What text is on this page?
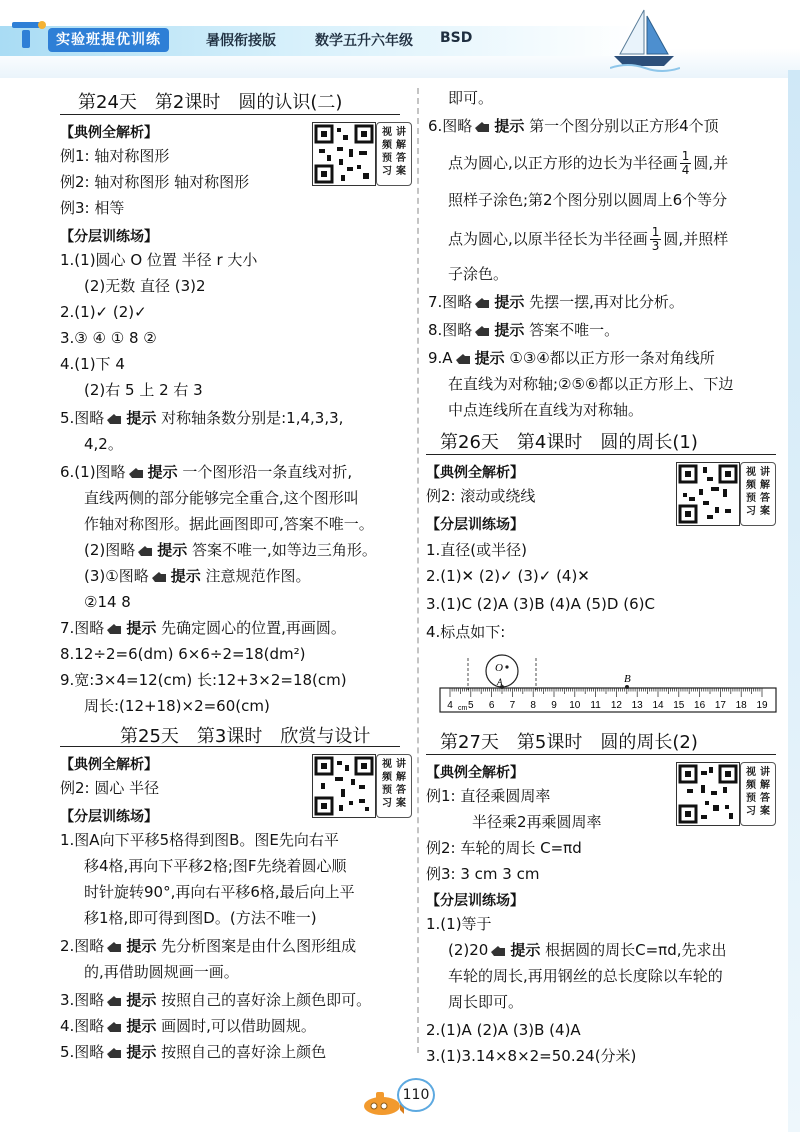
实验班提优训练	暑假衔接版	数学五升六年级 BSD
第24天 第2课时 圆的认识(二)
视频
预习
讲解
答案
【典例全解析】
例1: 轴对称图形
例2: 轴对称图形 轴对称图形
例3: 相等
【分层训练场】
1.(1)圆心 O 位置 半径 r 大小
(2)无数 直径 (3)2
2.(1)✓ (2)✓
3.③ ④ ① 8 ②
4.(1)下 4
(2)右 5 上 2 右 3
5.图略 提示 对称轴条数分别是:1,4,3,3,
4,2。
6.(1)图略 提示 一个图形沿一条直线对折,
直线两侧的部分能够完全重合,这个图形叫
作轴对称图形。据此画图即可,答案不唯一。
(2)图略 提示 答案不唯一,如等边三角形。
(3)①图略 提示 注意规范作图。
②14 8
7.图略 提示 先确定圆心的位置,再画圆。
8.12÷2=6(dm) 6×6÷2=18(dm²)
9.宽:3×4=12(cm) 长:12+3×2=18(cm)
周长:(12+18)×2=60(cm)
第25天 第3课时 欣赏与设计
视频
预习
讲解
答案
【典例全解析】
例2: 圆心 半径
【分层训练场】
1.图A向下平移5格得到图B。图E先向右平
移4格,再向下平移2格;图F先绕着圆心顺
时针旋转90°,再向右平移6格,最后向上平
移1格,即可得到图D。(方法不唯一)
2.图略 提示 先分析图案是由什么图形组成
的,再借助圆规画一画。
3.图略 提示 按照自己的喜好涂上颜色即可。
4.图略 提示 画圆时,可以借助圆规。
5.图略 提示 按照自己的喜好涂上颜色
即可。
6.图略 提示 第一个图分别以正方形4个顶
点为圆心,以正方形的边长为半径画 $\frac{1}{4}$ 圆,并
照样子涂色;第2个图分别以圆周上6个等分
点为圆心,以原半径长为半径画 $\frac{1}{3}$ 圆,并照样
子涂色。
7.图略 提示 先摆一摆,再对比分析。
8.图略 提示 答案不唯一。
9.A 提示 ①③④都以正方形一条对角线所
在直线为对称轴;②⑤⑥都以正方形上、下边
中点连线所在直线为对称轴。
第26天 第4课时 圆的周长(1)
视频
预习
讲解
答案
【典例全解析】
例2: 滚动或绕线
【分层训练场】
1.直径(或半径)
2.(1)✕ (2)✓ (3)✓ (4)✕
3.(1)C (2)A (3)B (4)A (5)D (6)C
4.标点如下:
4 5 6 7 8 9 10 11 12 13 14 15 16 17 18 19
cm
O
A	B
第27天 第5课时 圆的周长(2)
视频
预习
讲解
答案
【典例全解析】
例1: 直径乘圆周率
半径乘2再乘圆周率
例2: 车轮的周长 C=πd
例3: 3 cm 3 cm
【分层训练场】
1.(1)等于
(2)20 提示 根据圆的周长C=πd,先求出
车轮的周长,再用钢丝的总长度除以车轮的
周长即可。
2.(1)A (2)A (3)B (4)A
3.(1)3.14×8×2=50.24(分米)
110
